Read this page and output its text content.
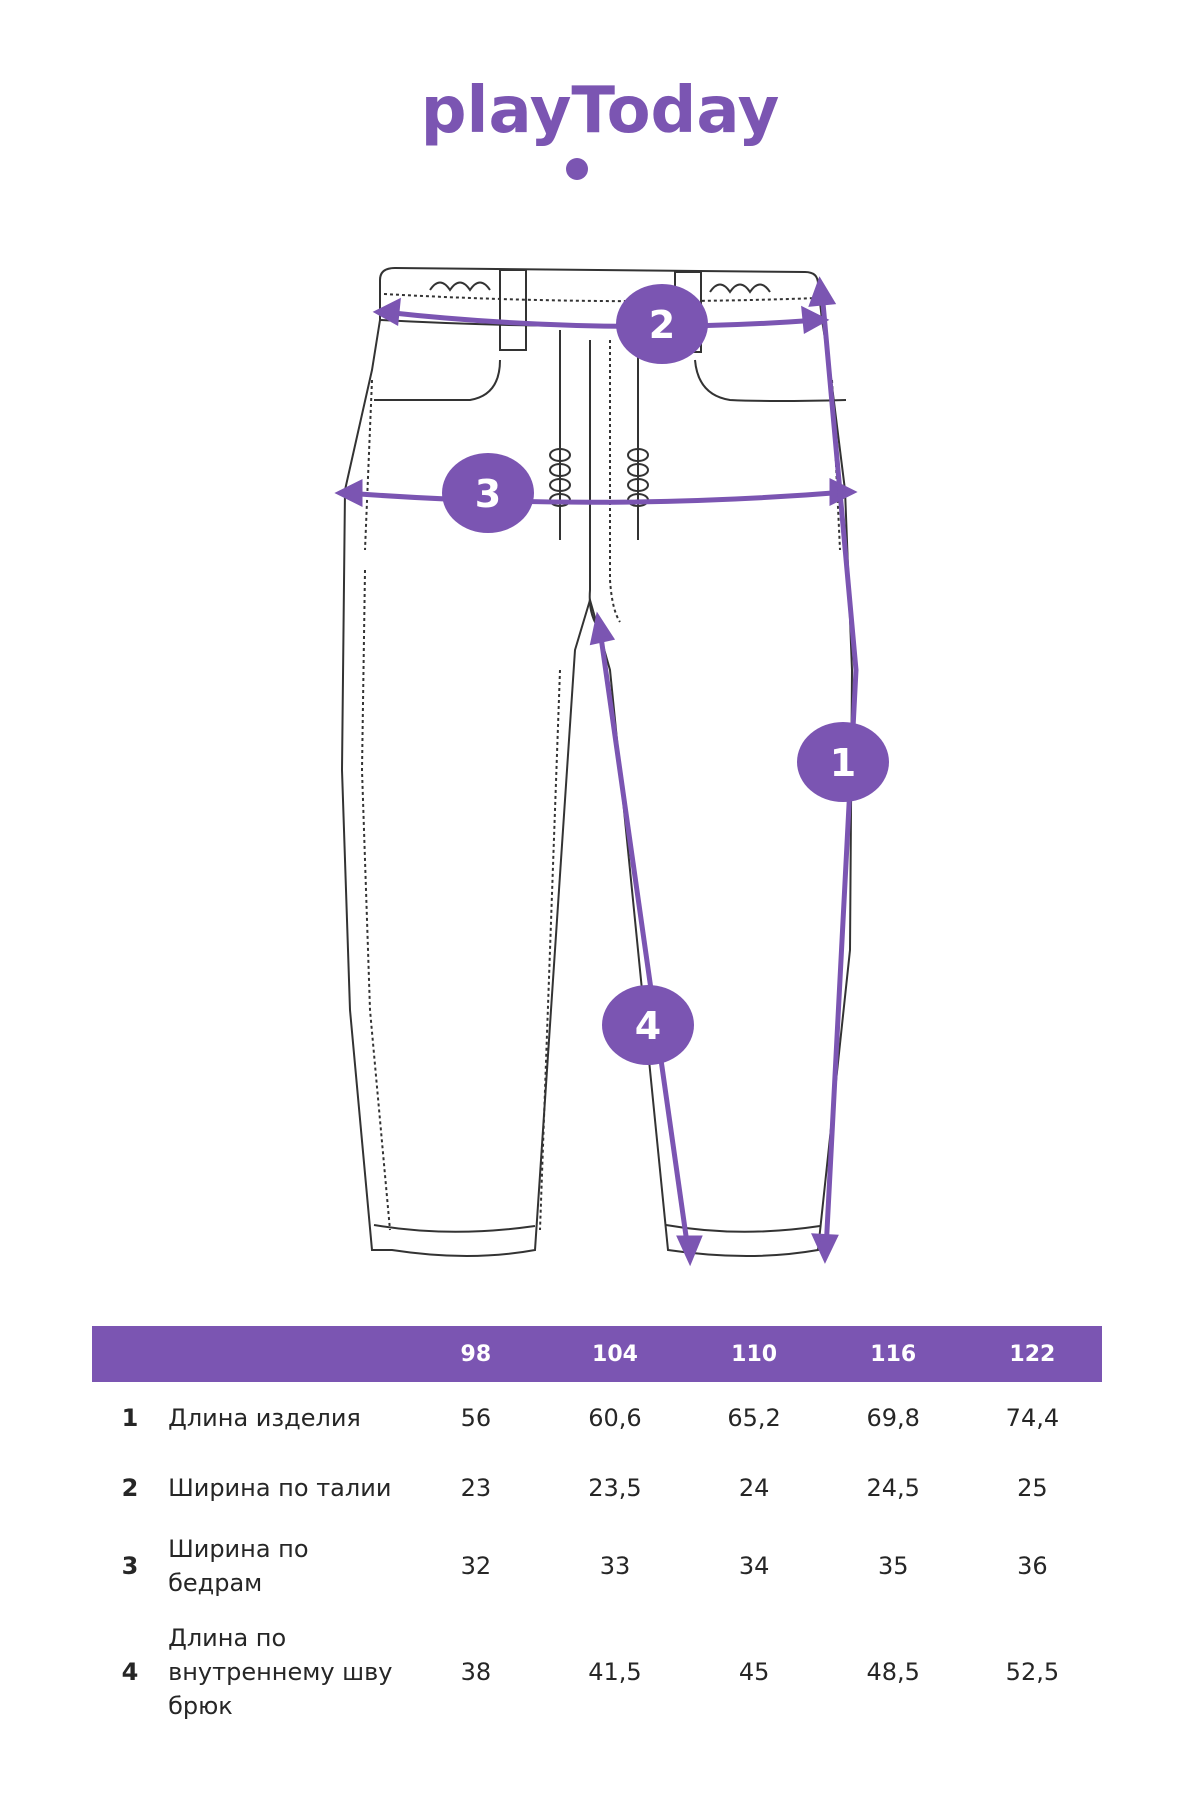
playToday
2
3
1
4
		98	104	110	116	122
1	Длина изделия	56	60,6	65,2	69,8	74,4
2	Ширина по талии	23	23,5	24	24,5	25
3	Ширина по бедрам	32	33	34	35	36
4	Длина по внутреннему шву брюк	38	41,5	45	48,5	52,5
